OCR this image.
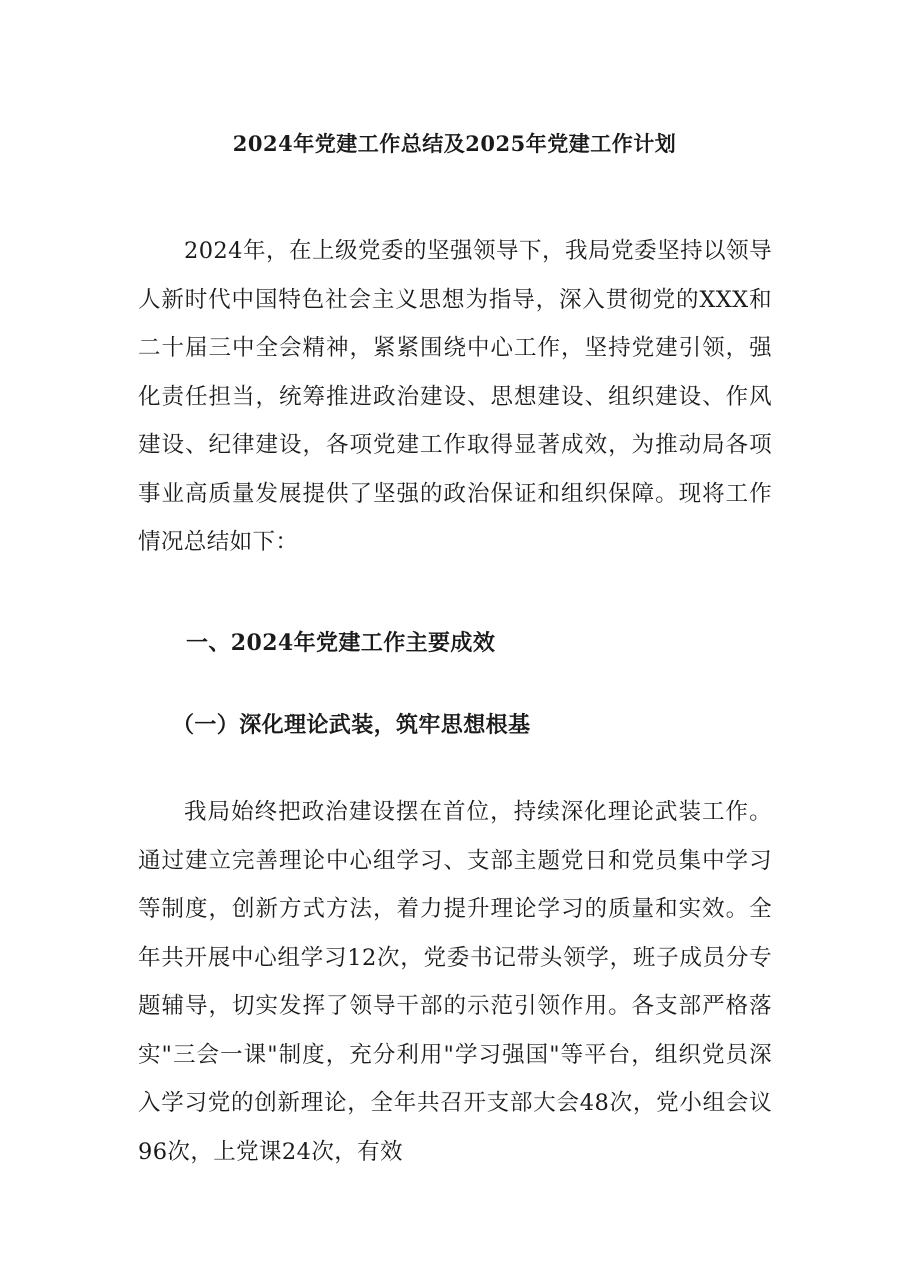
2024年党建工作总结及2025年党建工作计划

2024年，在上级党委的坚强领导下，我局党委坚持以领导人新时代中国特色社会主义思想为指导，深入贯彻党的XXX和二十届三中全会精神，紧紧围绕中心工作，坚持党建引领，强化责任担当，统筹推进政治建设、思想建设、组织建设、作风建设、纪律建设，各项党建工作取得显著成效，为推动局各项事业高质量发展提供了坚强的政治保证和组织保障。现将工作情况总结如下：

一、2024年党建工作主要成效
（一）深化理论武装，筑牢思想根基

我局始终把政治建设摆在首位，持续深化理论武装工作。通过建立完善理论中心组学习、支部主题党日和党员集中学习等制度，创新方式方法，着力提升理论学习的质量和实效。全年共开展中心组学习12次，党委书记带头领学，班子成员分专题辅导，切实发挥了领导干部的示范引领作用。各支部严格落实"三会一课"制度，充分利用"学习强国"等平台，组织党员深入学习党的创新理论，全年共召开支部大会48次，党小组会议96次，上党课24次，有效
